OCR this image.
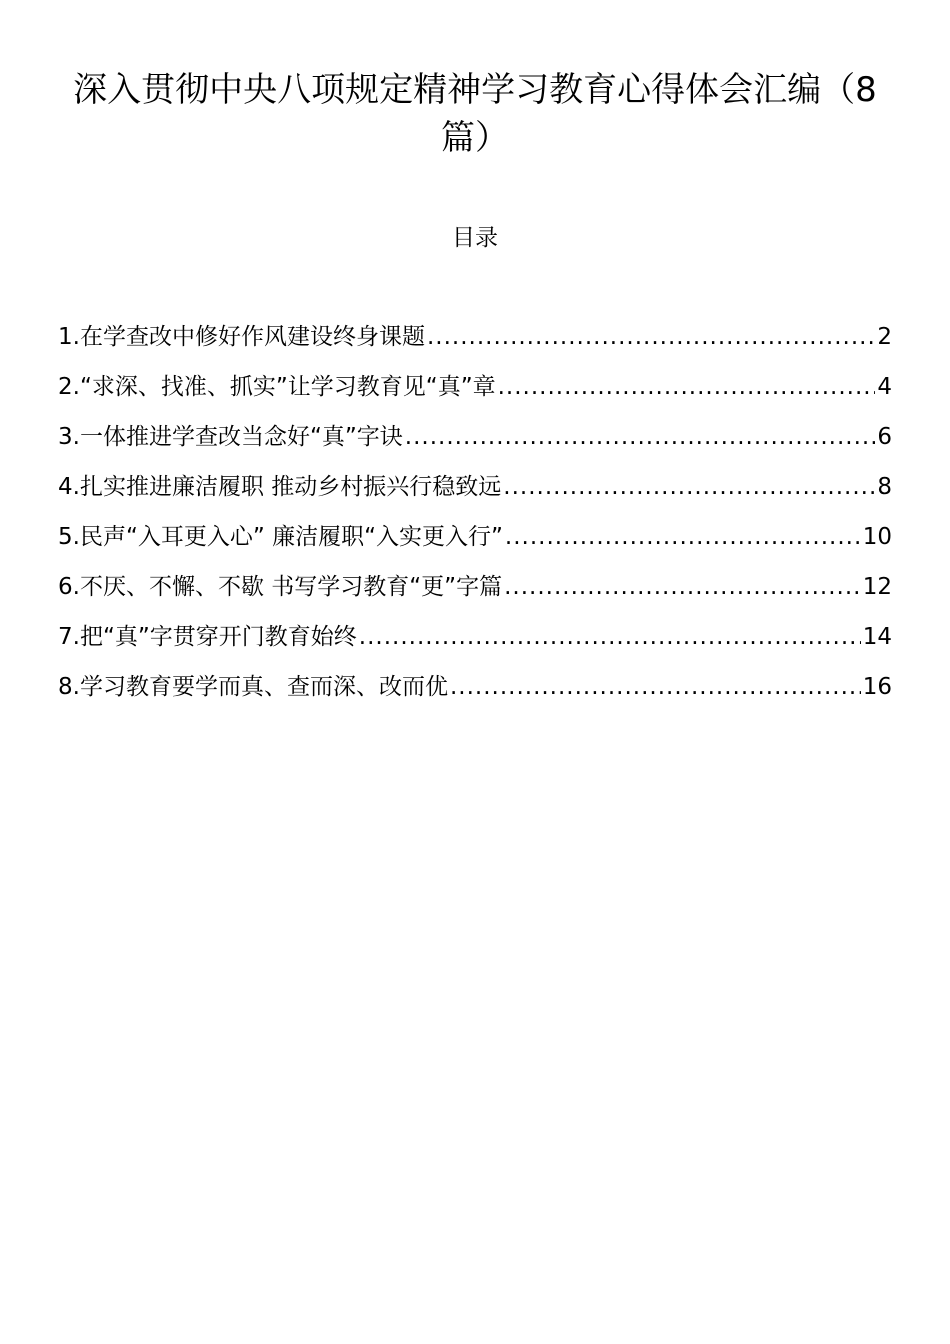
深入贯彻中央八项规定精神学习教育心得体会汇编（8篇）
目录
1.在学查改中修好作风建设终身课题 .....	2
2.“求深、找准、抓实”让学习教育见“真”章 .....	4
3.一体推进学查改当念好“真”字诀 .....	6
4.扎实推进廉洁履职 推动乡村振兴行稳致远 .....	8
5.民声“入耳更入心” 廉洁履职“入实更入行” .....	10
6.不厌、不懈、不歇 书写学习教育“更”字篇 .....	12
7.把“真”字贯穿开门教育始终 .....	14
8.学习教育要学而真、查而深、改而优 .....	16
